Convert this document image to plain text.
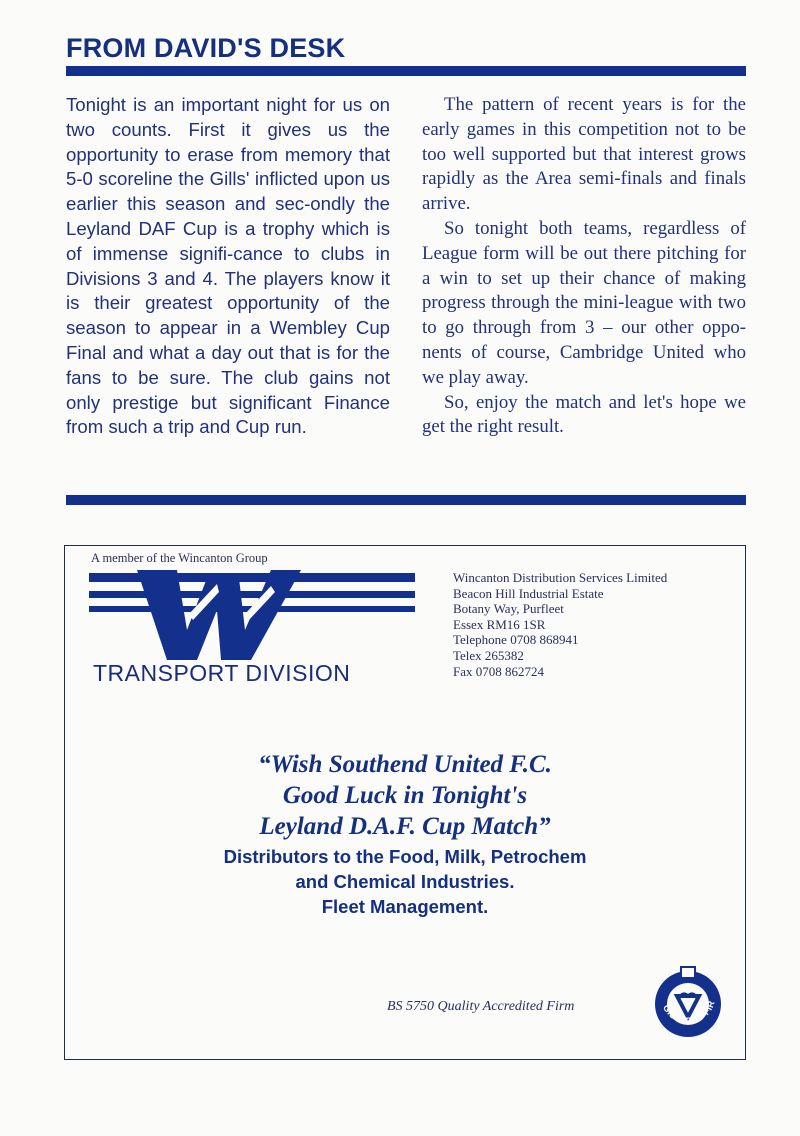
FROM DAVID'S DESK

Tonight is an important night for us on two counts. First it gives us the opportunity to erase from memory that 5-0 scoreline the Gills' inflicted upon us earlier this season and sec-ondly the Leyland DAF Cup is a trophy which is of immense signifi-cance to clubs in Divisions 3 and 4. The players know it is their greatest opportunity of the season to appear in a Wembley Cup Final and what a day out that is for the fans to be sure. The club gains not only prestige but significant Finance from such a trip and Cup run.

The pattern of recent years is for the early games in this competition not to be too well supported but that interest grows rapidly as the Area semi-finals and finals arrive.

So tonight both teams, regardless of League form will be out there pitching for a win to set up their chance of making progress through the mini-league with two to go through from 3 – our other oppo-nents of course, Cambridge United who we play away.

So, enjoy the match and let's hope we get the right result.

A member of the Wincanton Group
TRANSPORT DIVISION
Wincanton Distribution Services Limited
Beacon Hill Industrial Estate
Botany Way, Purfleet
Essex RM16 1SR
Telephone 0708 868941
Telex 265382
Fax 0708 862724
“Wish Southend United F.C.
Good Luck in Tonight's
Leyland D.A.F. Cup Match”
Distributors to the Food, Milk, Petrochem
and Chemical Industries.
Fleet Management.
BS 5750 Quality Accredited Firm	GISTERED FIR
